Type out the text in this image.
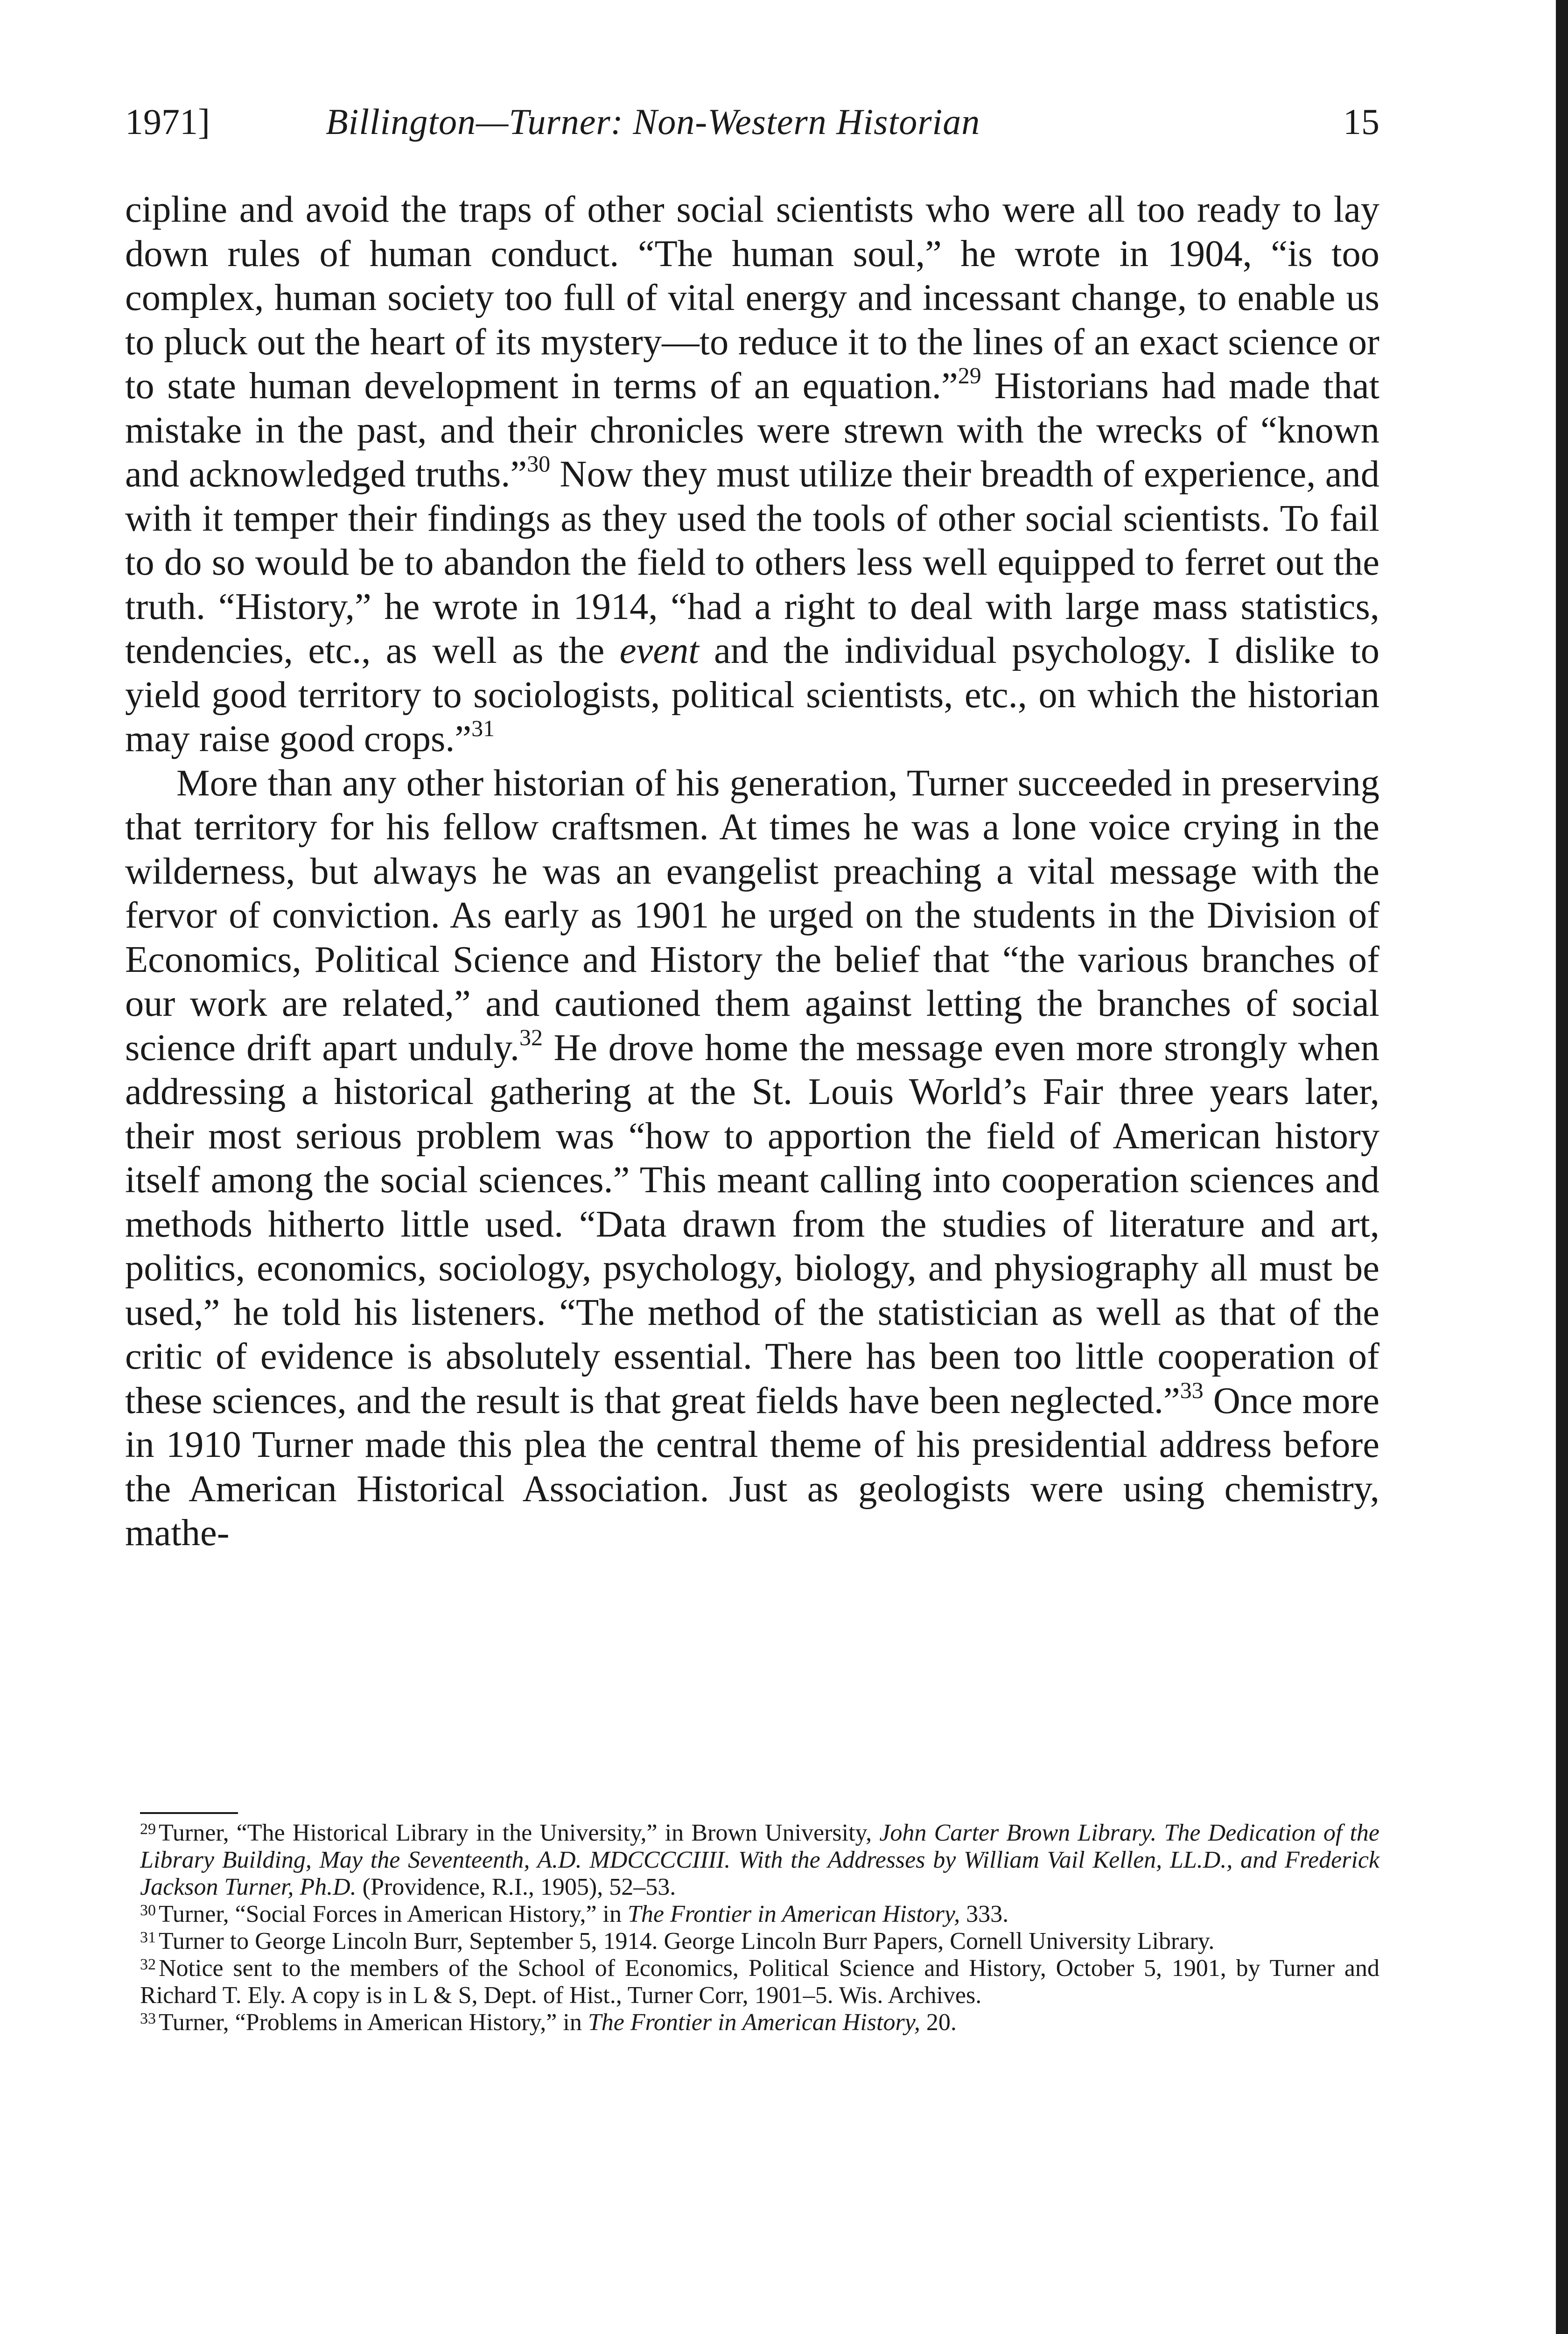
1971]	Billington—Turner: Non-Western Historian	15

cipline and avoid the traps of other social scientists who were all too ready to lay down rules of human conduct. “The human soul,” he wrote in 1904, “is too complex, human society too full of vital energy and incessant change, to enable us to pluck out the heart of its mystery—to reduce it to the lines of an exact science or to state human development in terms of an equation.”$^{29}$ Historians had made that mistake in the past, and their chronicles were strewn with the wrecks of “known and acknowledged truths.”$^{30}$ Now they must utilize their breadth of experience, and with it temper their findings as they used the tools of other social scientists. To fail to do so would be to abandon the field to others less well equipped to ferret out the truth. “History,” he wrote in 1914, “had a right to deal with large mass statistics, tendencies, etc., as well as the event and the individual psychology. I dislike to yield good territory to sociologists, political scientists, etc., on which the historian may raise good crops.”$^{31}$

More than any other historian of his generation, Turner succeeded in preserving that territory for his fellow craftsmen. At times he was a lone voice crying in the wilderness, but always he was an evangelist preaching a vital message with the fervor of conviction. As early as 1901 he urged on the students in the Division of Economics, Political Science and History the belief that “the various branches of our work are related,” and cautioned them against letting the branches of social science drift apart unduly.$^{32}$ He drove home the message even more strongly when addressing a historical gathering at the St. Louis World’s Fair three years later, their most serious problem was “how to apportion the field of American history itself among the social sciences.” This meant calling into cooperation sciences and methods hitherto little used. “Data drawn from the studies of literature and art, politics, economics, sociology, psychology, biology, and physiography all must be used,” he told his listeners. “The method of the statistician as well as that of the critic of evidence is absolutely essential. There has been too little cooperation of these sciences, and the result is that great fields have been neglected.”$^{33}$ Once more in 1910 Turner made this plea the central theme of his presidential address before the American Historical Association. Just as geologists were using chemistry, mathe-

$^{29}$ Turner, “The Historical Library in the University,” in Brown University, John Carter Brown Library. The Dedication of the Library Building, May the Seventeenth, A.D. MDCCCCIIII. With the Addresses by William Vail Kellen, LL.D., and Frederick Jackson Turner, Ph.D. (Providence, R.I., 1905), 52–53.

$^{30}$ Turner, “Social Forces in American History,” in The Frontier in American History, 333.

$^{31}$ Turner to George Lincoln Burr, September 5, 1914. George Lincoln Burr Papers, Cornell University Library.

$^{32}$ Notice sent to the members of the School of Economics, Political Science and History, October 5, 1901, by Turner and Richard T. Ely. A copy is in L & S, Dept. of Hist., Turner Corr, 1901–5. Wis. Archives.

$^{33}$ Turner, “Problems in American History,” in The Frontier in American History, 20.
